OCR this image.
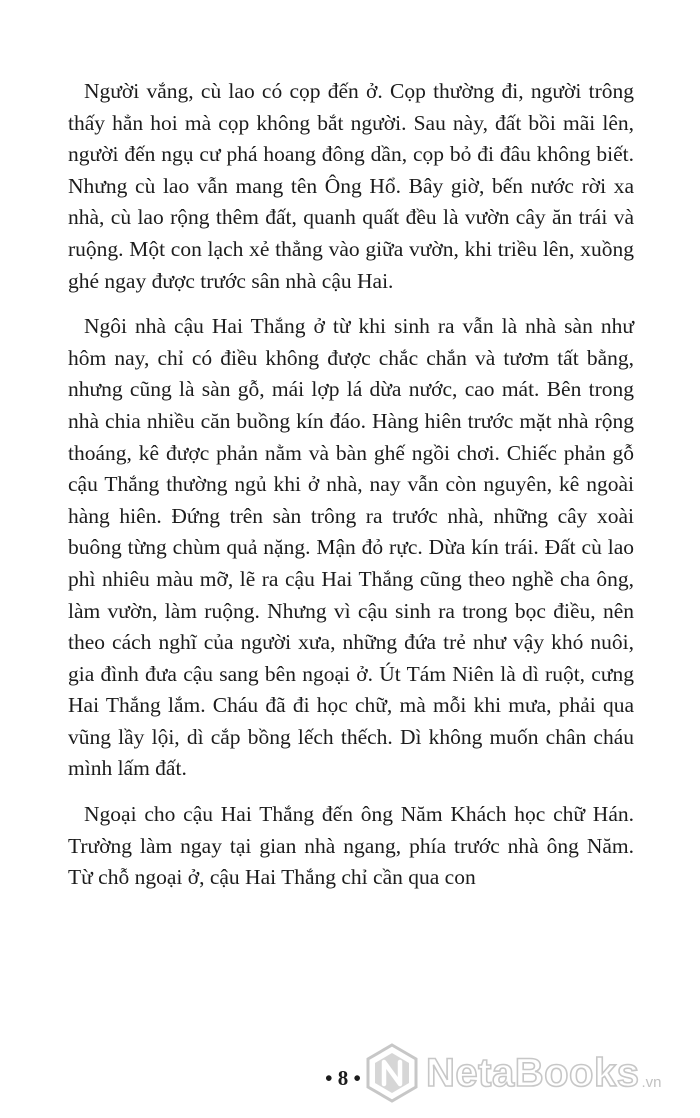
Người vắng, cù lao có cọp đến ở. Cọp thường đi, người trông thấy hẳn hoi mà cọp không bắt người. Sau này, đất bồi mãi lên, người đến ngụ cư phá hoang đông dần, cọp bỏ đi đâu không biết. Nhưng cù lao vẫn mang tên Ông Hổ. Bây giờ, bến nước rời xa nhà, cù lao rộng thêm đất, quanh quất đều là vườn cây ăn trái và ruộng. Một con lạch xẻ thẳng vào giữa vườn, khi triều lên, xuồng ghé ngay được trước sân nhà cậu Hai.

Ngôi nhà cậu Hai Thắng ở từ khi sinh ra vẫn là nhà sàn như hôm nay, chỉ có điều không được chắc chắn và tươm tất bằng, nhưng cũng là sàn gỗ, mái lợp lá dừa nước, cao mát. Bên trong nhà chia nhiều căn buồng kín đáo. Hàng hiên trước mặt nhà rộng thoáng, kê được phản nằm và bàn ghế ngồi chơi. Chiếc phản gỗ cậu Thắng thường ngủ khi ở nhà, nay vẫn còn nguyên, kê ngoài hàng hiên. Đứng trên sàn trông ra trước nhà, những cây xoài buông từng chùm quả nặng. Mận đỏ rực. Dừa kín trái. Đất cù lao phì nhiêu màu mỡ, lẽ ra cậu Hai Thắng cũng theo nghề cha ông, làm vườn, làm ruộng. Nhưng vì cậu sinh ra trong bọc điều, nên theo cách nghĩ của người xưa, những đứa trẻ như vậy khó nuôi, gia đình đưa cậu sang bên ngoại ở. Út Tám Niên là dì ruột, cưng Hai Thắng lắm. Cháu đã đi học chữ, mà mỗi khi mưa, phải qua vũng lầy lội, dì cắp bồng lếch thếch. Dì không muốn chân cháu mình lấm đất.

Ngoại cho cậu Hai Thắng đến ông Năm Khách học chữ Hán. Trường làm ngay tại gian nhà ngang, phía trước nhà ông Năm. Từ chỗ ngoại ở, cậu Hai Thắng chỉ cần qua con

• 8 • NetaBooks .vn
